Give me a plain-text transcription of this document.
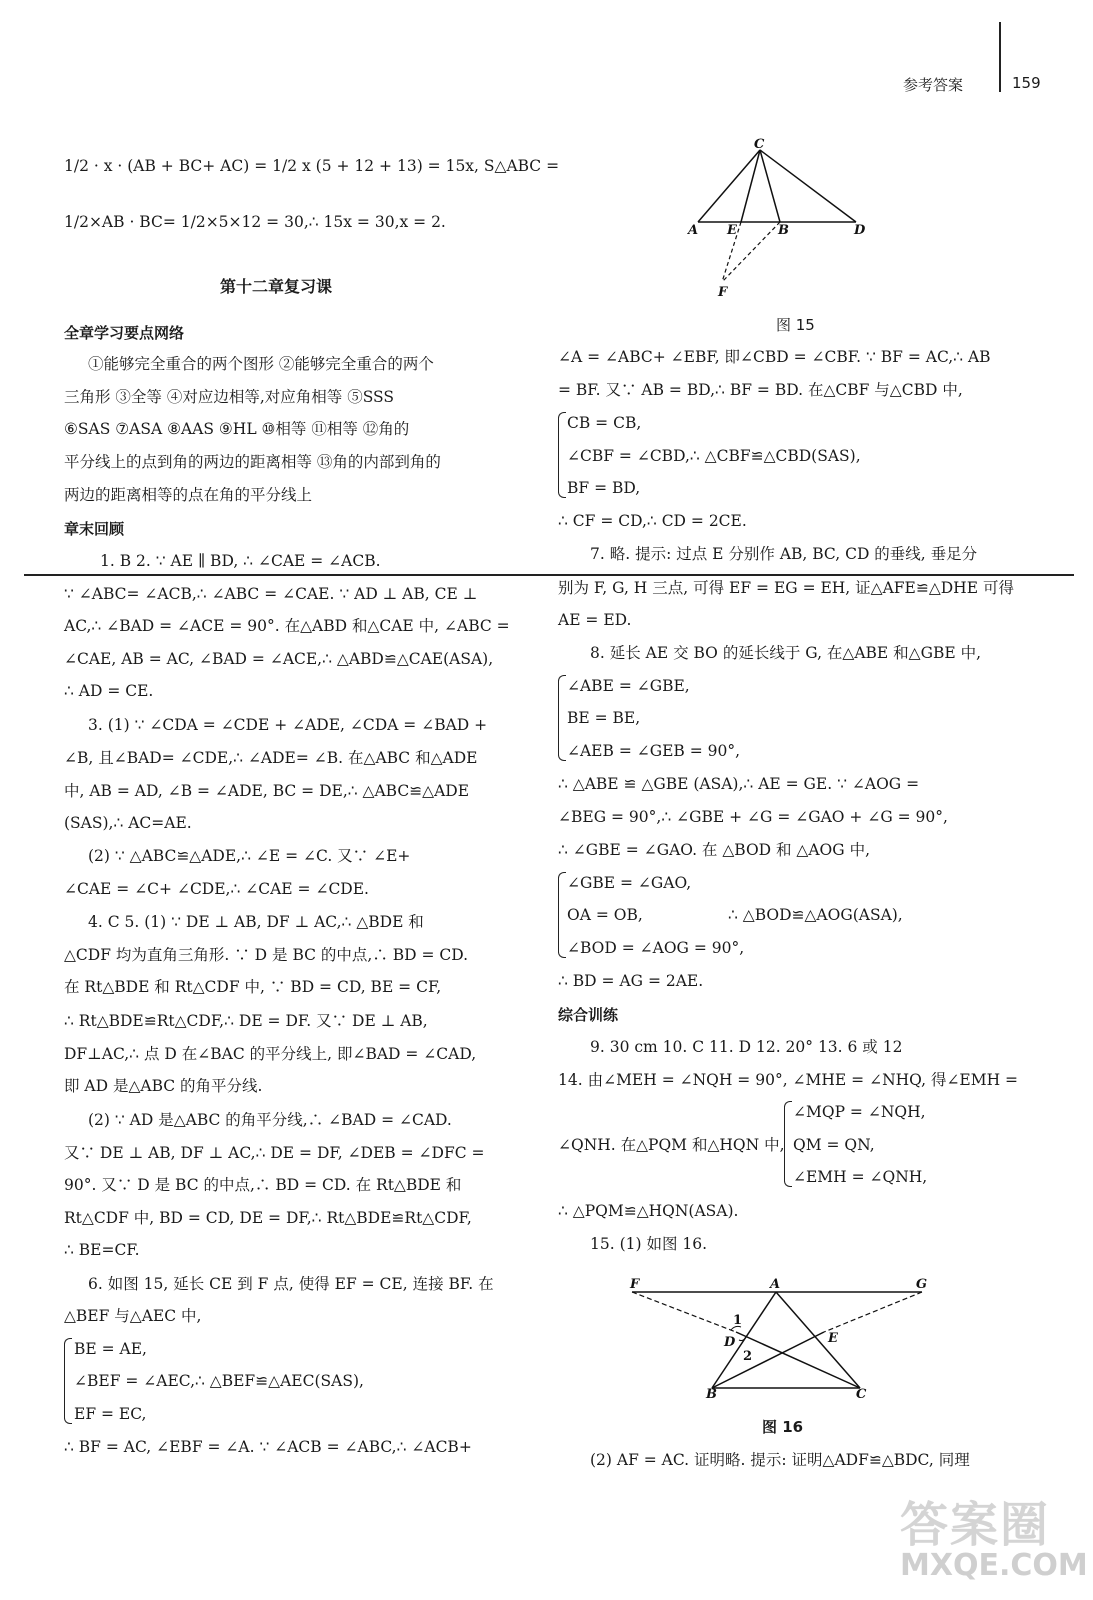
参考答案	159
1/2 · x · (AB + BC+ AC) = 1/2 x (5 + 12 + 13) = 15x, S△ABC =
1/2×AB · BC= 1/2×5×12 = 30,∴ 15x = 30,x = 2.
第十二章复习课
全章学习要点网络
①能够完全重合的两个图形 ②能够完全重合的两个
三角形 ③全等 ④对应边相等,对应角相等 ⑤SSS
⑥SAS ⑦ASA ⑧AAS ⑨HL ⑩相等 ⑪相等 ⑫角的
平分线上的点到角的两边的距离相等 ⑬角的内部到角的
两边的距离相等的点在角的平分线上
章末回顾
1. B 2. ∵ AE ∥ BD, ∴ ∠CAE = ∠ACB.
∵ ∠ABC= ∠ACB,∴ ∠ABC = ∠CAE. ∵ AD ⊥ AB, CE ⊥
AC,∴ ∠BAD = ∠ACE = 90°. 在△ABD 和△CAE 中, ∠ABC =
∠CAE, AB = AC, ∠BAD = ∠ACE,∴ △ABD≌△CAE(ASA),
∴ AD = CE.
3. (1) ∵ ∠CDA = ∠CDE + ∠ADE, ∠CDA = ∠BAD +
∠B, 且∠BAD= ∠CDE,∴ ∠ADE= ∠B. 在△ABC 和△ADE
中, AB = AD, ∠B = ∠ADE, BC = DE,∴ △ABC≌△ADE
(SAS),∴ AC=AE.
(2) ∵ △ABC≌△ADE,∴ ∠E = ∠C. 又∵ ∠E+
∠CAE = ∠C+ ∠CDE,∴ ∠CAE = ∠CDE.
4. C 5. (1) ∵ DE ⊥ AB, DF ⊥ AC,∴ △BDE 和
△CDF 均为直角三角形. ∵ D 是 BC 的中点,∴ BD = CD.
在 Rt△BDE 和 Rt△CDF 中, ∵ BD = CD, BE = CF,
∴ Rt△BDE≌Rt△CDF,∴ DE = DF. 又∵ DE ⊥ AB,
DF⊥AC,∴ 点 D 在∠BAC 的平分线上, 即∠BAD = ∠CAD,
即 AD 是△ABC 的角平分线.
(2) ∵ AD 是△ABC 的角平分线,∴ ∠BAD = ∠CAD.
又∵ DE ⊥ AB, DF ⊥ AC,∴ DE = DF, ∠DEB = ∠DFC =
90°. 又∵ D 是 BC 的中点,∴ BD = CD. 在 Rt△BDE 和
Rt△CDF 中, BD = CD, DE = DF,∴ Rt△BDE≌Rt△CDF,
∴ BE=CF.
6. 如图 15, 延长 CE 到 F 点, 使得 EF = CE, 连接 BF. 在
△BEF 与△AEC 中,
BE = AE,
∠BEF = ∠AEC,∴ △BEF≌△AEC(SAS),
EF = EC,
∴ BF = AC, ∠EBF = ∠A. ∵ ∠ACB = ∠ABC,∴ ∠ACB+
C
A E	B	D
F
图 15
∠A = ∠ABC+ ∠EBF, 即∠CBD = ∠CBF. ∵ BF = AC,∴ AB
= BF. 又∵ AB = BD,∴ BF = BD. 在△CBF 与△CBD 中,
CB = CB,
∠CBF = ∠CBD,∴ △CBF≌△CBD(SAS),
BF = BD,
∴ CF = CD,∴ CD = 2CE.
7. 略. 提示: 过点 E 分别作 AB, BC, CD 的垂线, 垂足分
别为 F, G, H 三点, 可得 EF = EG = EH, 证△AFE≌△DHE 可得
AE = ED.
8. 延长 AE 交 BO 的延长线于 G, 在△ABE 和△GBE 中,
∠ABE = ∠GBE,
BE = BE,
∠AEB = ∠GEB = 90°,
∴ △ABE ≌ △GBE (ASA),∴ AE = GE. ∵ ∠AOG =
∠BEG = 90°,∴ ∠GBE + ∠G = ∠GAO + ∠G = 90°,
∴ ∠GBE = ∠GAO. 在 △BOD 和 △AOG 中,
∠GBE = ∠GAO,
OA = OB,
∠BOD = ∠AOG = 90°,
∴ △BOD≌△AOG(ASA),
∴ BD = AG = 2AE.
综合训练
9. 30 cm 10. C 11. D 12. 20° 13. 6 或 12
14. 由∠MEH = ∠NQH = 90°, ∠MHE = ∠NHQ, 得∠EMH =
∠QNH. 在△PQM 和△HQN 中,
∠MQP = ∠NQH,
QM = QN,
∠EMH = ∠QNH,
∴ △PQM≌△HQN(ASA).
15. (1) 如图 16.
F	A	G
1
D	E
2
B	C
图 16
(2) AF = AC. 证明略. 提示: 证明△ADF≌△BDC, 同理
答案圈
MXQE.COM
